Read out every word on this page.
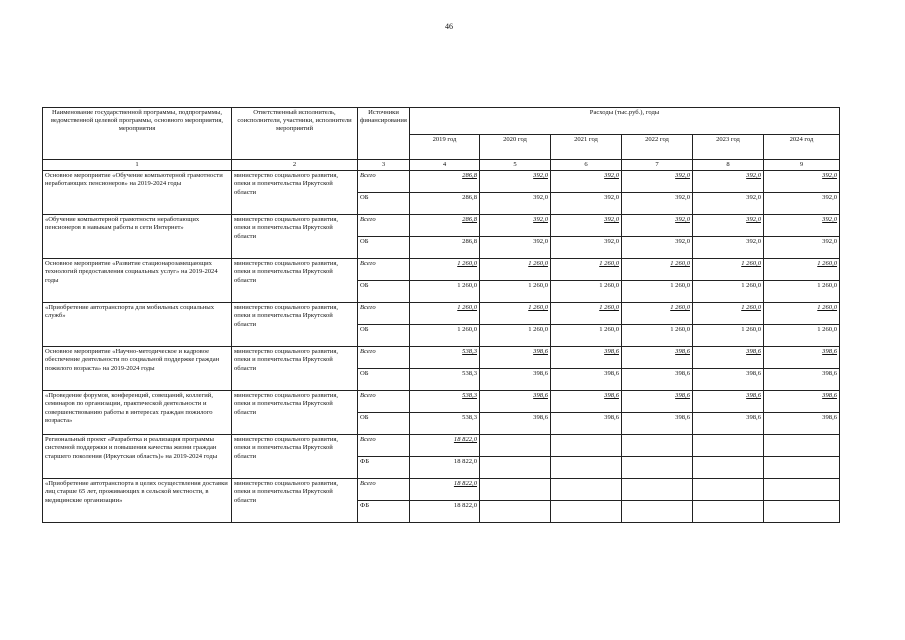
46
Наименование государственной программы, подпрограммы, ведомственной целевой программы, основного мероприятия, мероприятия	Ответственный исполнитель, соисполнители, участники, исполнители мероприятий	Источники финансирования	Расходы (тыс.руб.), годы					
			2019 год	2020 год	2021 год	2022 год	2023 год	2024 год
1	2	3	4	5	6	7	8	9
Основное мероприятие «Обучение компьютерной грамотности неработающих пенсионеров» на 2019-2024 годы	министерство социального развития, опеки и попечительства Иркутской области	Всего	286,8	392,0	392,0	392,0	392,0	392,0
		ОБ	286,8	392,0	392,0	392,0	392,0	392,0
«Обучение компьютерной грамотности неработающих пенсионеров в навыкам работы в сети Интернет»	министерство социального развития, опеки и попечительства Иркутской области	Всего	286,8	392,0	392,0	392,0	392,0	392,0
		ОБ	286,8	392,0	392,0	392,0	392,0	392,0
Основное мероприятие «Развитие стационарозамещающих технологий предоставления социальных услуг» на 2019-2024 годы	министерство социального развития, опеки и попечительства Иркутской области	Всего	1 260,0	1 260,0	1 260,0	1 260,0	1 260,0	1 260,0
		ОБ	1 260,0	1 260,0	1 260,0	1 260,0	1 260,0	1 260,0
«Приобретение автотранспорта для мобильных социальных служб»	министерство социального развития, опеки и попечительства Иркутской области	Всего	1 260,0	1 260,0	1 260,0	1 260,0	1 260,0	1 260,0
		ОБ	1 260,0	1 260,0	1 260,0	1 260,0	1 260,0	1 260,0
Основное мероприятие «Научно-методическое и кадровое обеспечение деятельности по социальной поддержке граждан пожилого возраста» на 2019-2024 годы	министерство социального развития, опеки и попечительства Иркутской области	Всего	538,3	398,6	398,6	398,6	398,6	398,6
		ОБ	538,3	398,6	398,6	398,6	398,6	398,6
«Проведение форумов, конференций, совещаний, коллегий, семинаров по организации, практической деятельности и совершенствованию работы в интересах граждан пожилого возраста»	министерство социального развития, опеки и попечительства Иркутской области	Всего	538,3	398,6	398,6	398,6	398,6	398,6
		ОБ	538,3	398,6	398,6	398,6	398,6	398,6
Региональный проект «Разработка и реализация программы системной поддержки и повышения качества жизни граждан старшего поколения (Иркутская область)» на 2019-2024 годы	министерство социального развития, опеки и попечительства Иркутской области	Всего	18 822,0					
		ФБ	18 822,0					
«Приобретение автотранспорта в целях осуществления доставки лиц старше 65 лет, проживающих в сельской местности, в медицинские организации»	министерство социального развития, опеки и попечительства Иркутской области	Всего	18 822,0					
		ФБ	18 822,0					
